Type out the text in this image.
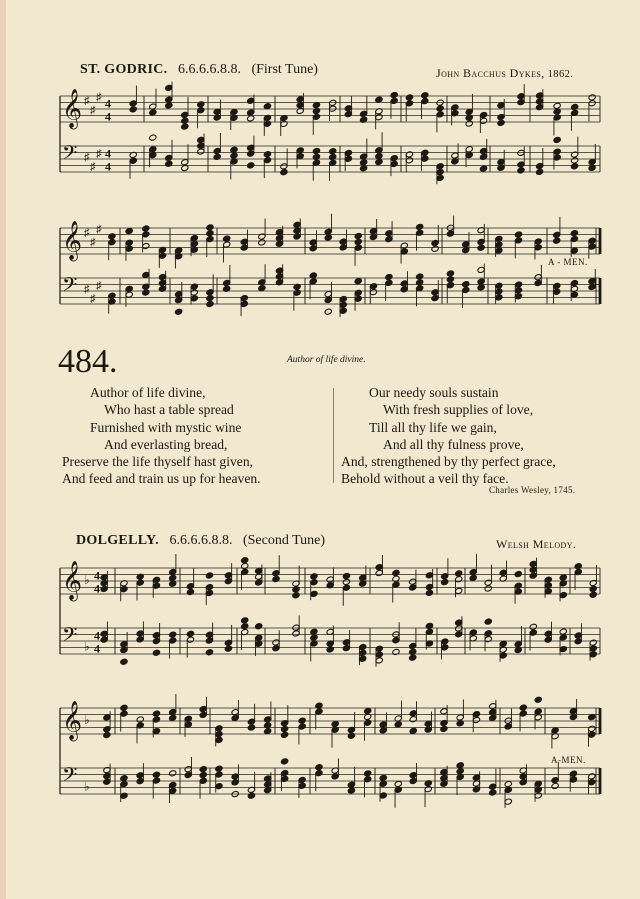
ST. GODRIC. 6.6.6.6.8.8. (First Tune)	John Bacchus Dykes, 1862.
𝄞 ♯
♯
♯ 4
4
𝄢 ♯
♯
♯ 4
4
𝄞 ♯
♯
♯
𝄢 ♯
♯
♯
A - MEN.
484.	Author of life divine.
Author of life divine,
Who hast a table spread
Furnished with mystic wine
And everlasting bread,
Preserve the life thyself hast given,
And feed and train us up for heaven.
Our needy souls sustain
With fresh supplies of love,
Till all thy life we gain,
And all thy fulness prove,
And, strengthened by thy perfect grace,
Behold without a veil thy face.
Charles Wesley, 1745.
DOLGELLY. 6.6.6.6.8.8. (Second Tune)	Welsh Melody.
𝄞 ♭ 4
4
𝄢 ♭
4
4
𝄞 ♭
𝄢 ♭
A-MEN.
